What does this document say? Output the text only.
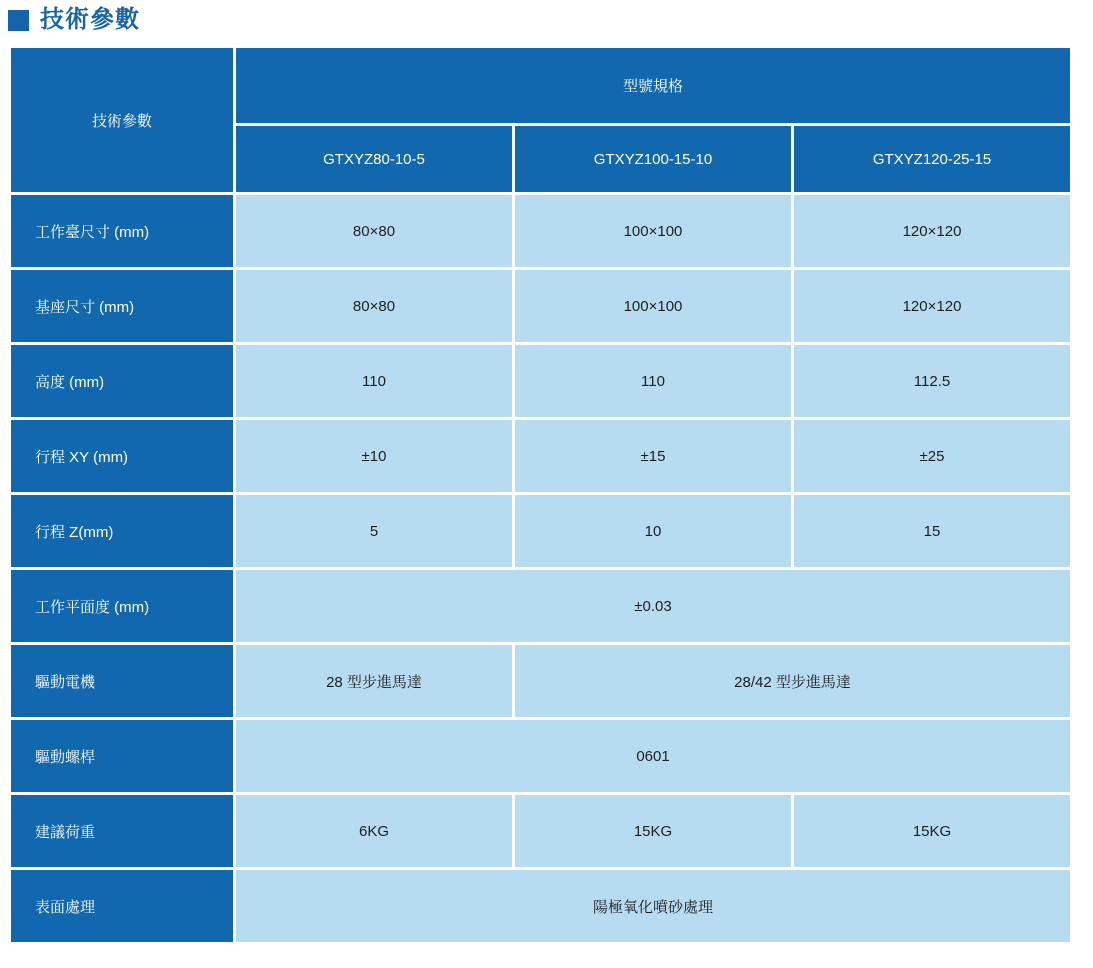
技術參數
技術參數	型號規格		
	GTXYZ80-10-5	GTXYZ100-15-10	GTXYZ120-25-15
工作臺尺寸 (mm)	80×80	100×100	120×120
基座尺寸 (mm)	80×80	100×100	120×120
高度 (mm)	110	110	112.5
行程 XY (mm)	±10	±15	±25
行程 Z(mm)	5	10	15
工作平面度 (mm)	±0.03		
驅動電機	28 型步進馬達	28/42 型步進馬達	
驅動螺桿	0601		
建議荷重	6KG	15KG	15KG
表面處理	陽極氧化噴砂處理		
